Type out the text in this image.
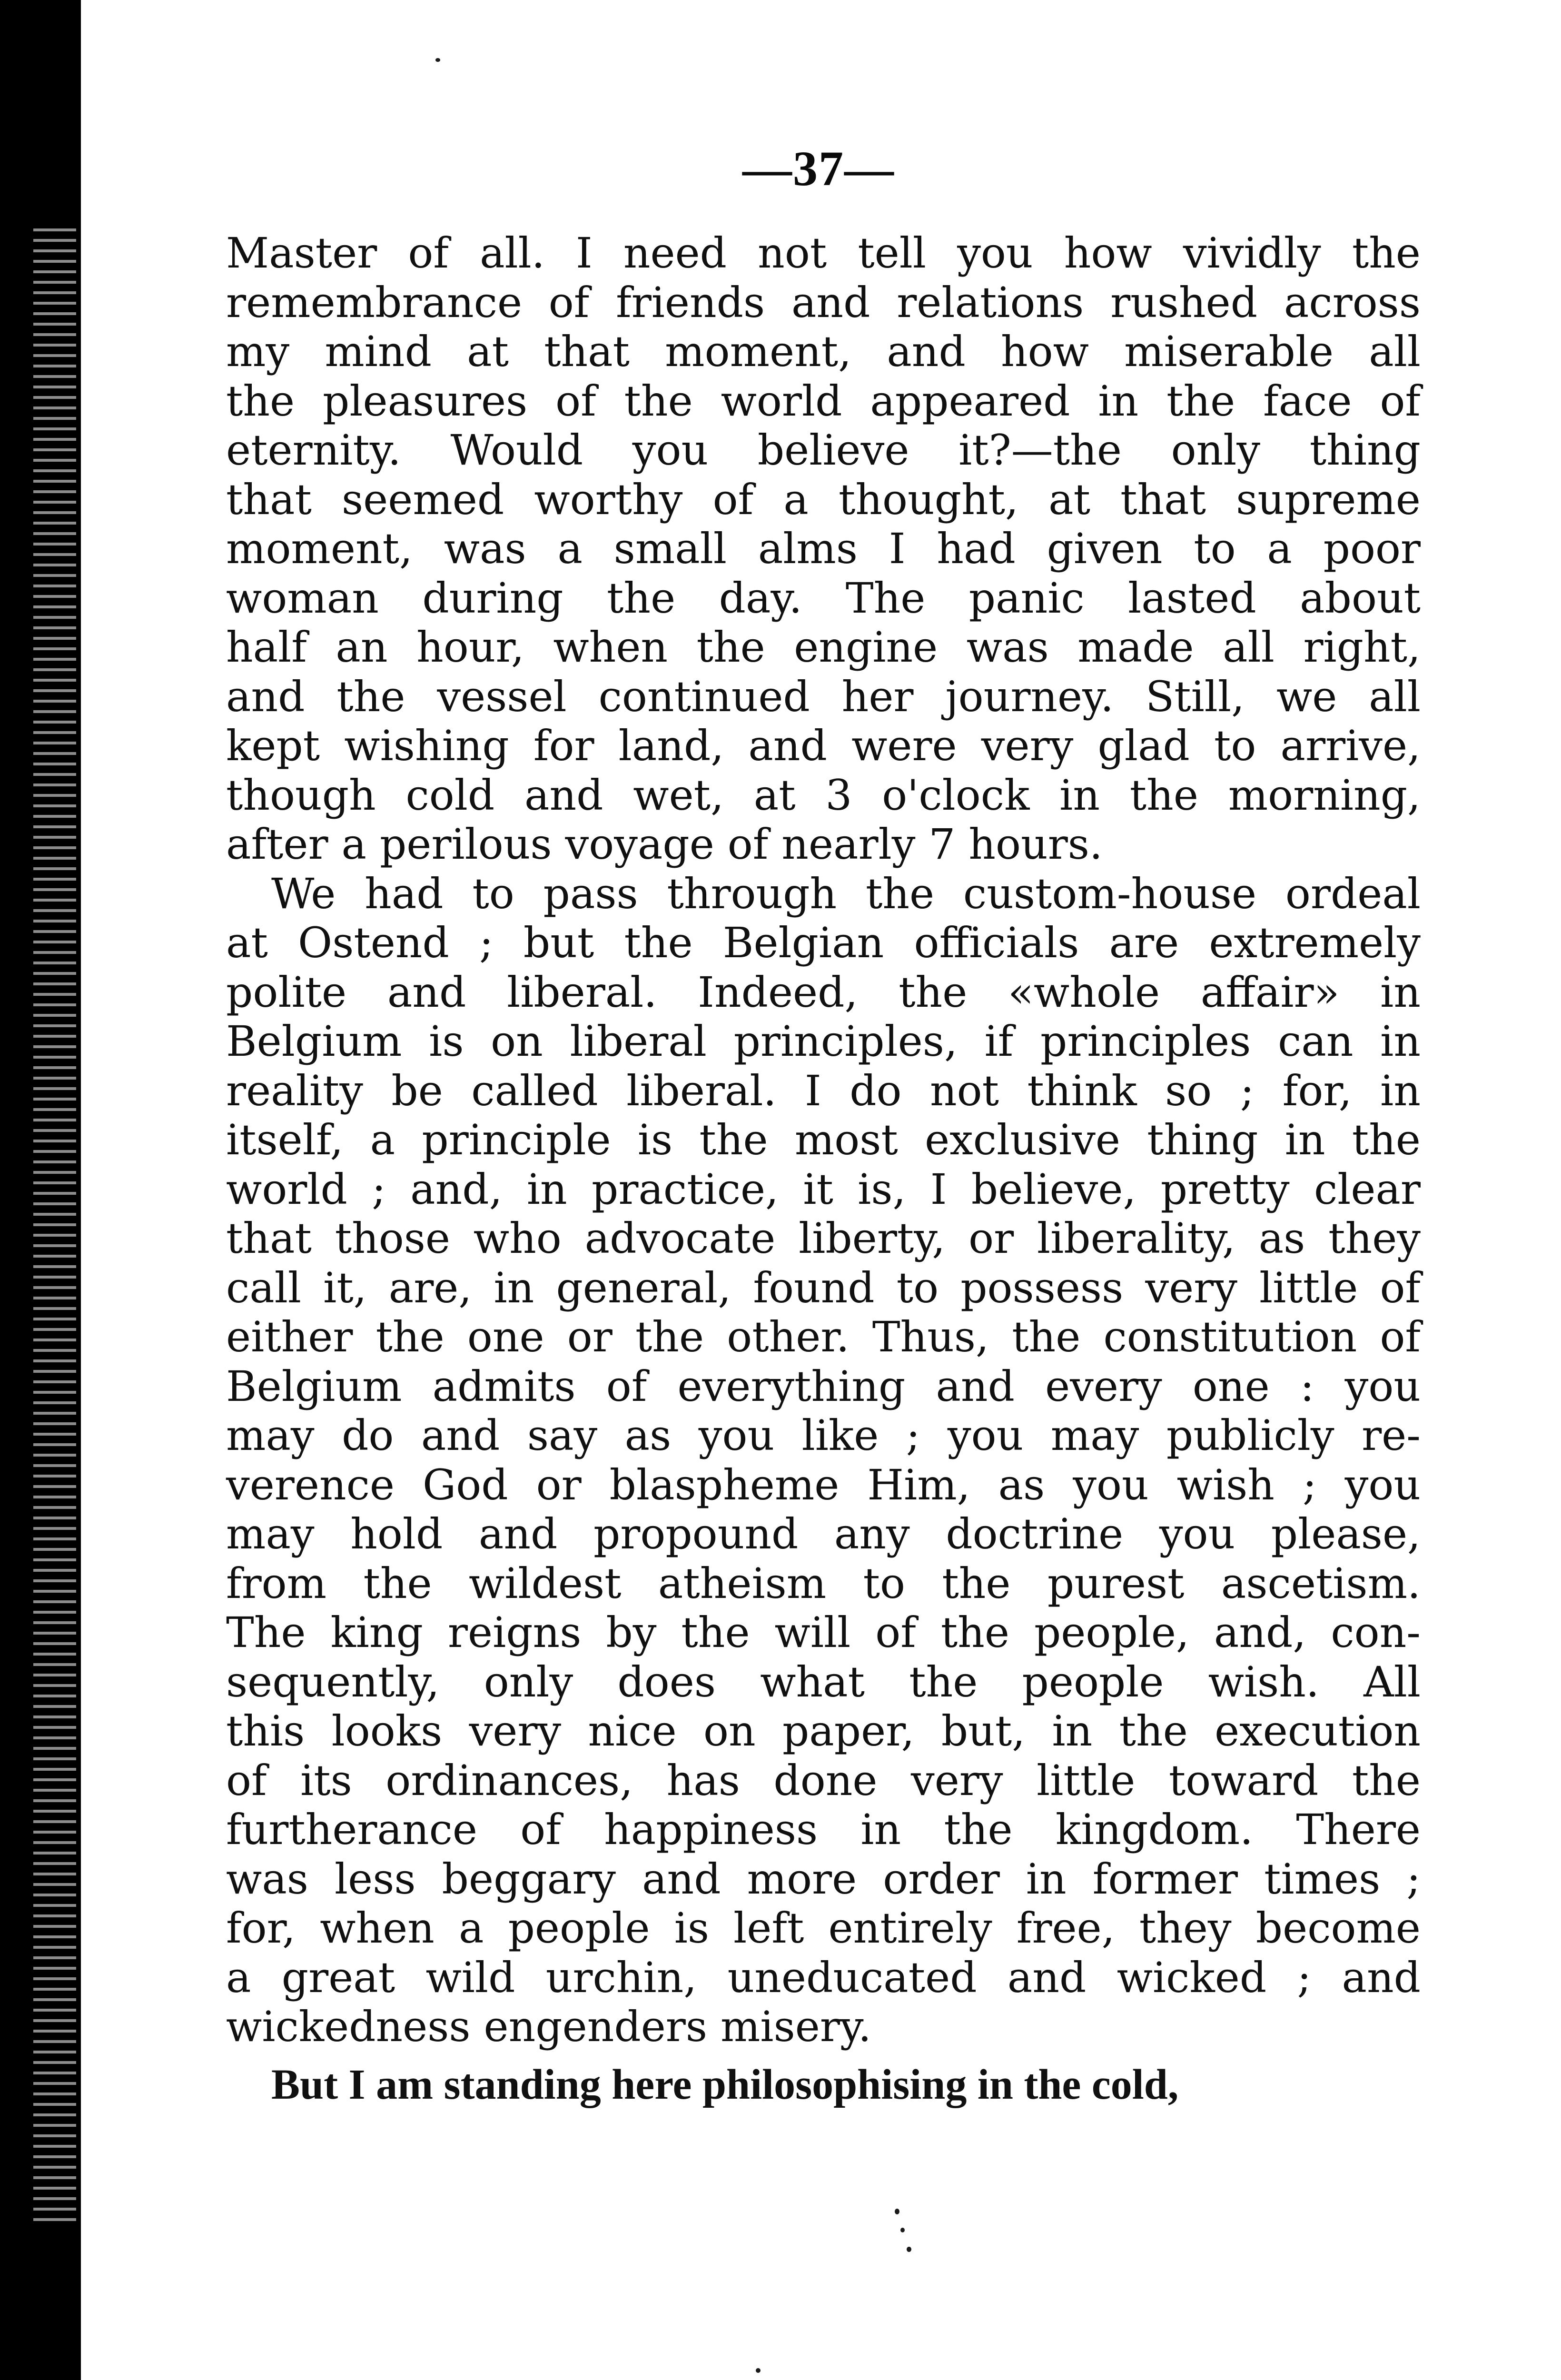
—37—
Master of all. I need not tell you how vividly the
remembrance of friends and relations rushed across
my mind at that moment, and how miserable all
the pleasures of the world appeared in the face of
eternity. Would you believe it?—the only thing
that seemed worthy of a thought, at that supreme
moment, was a small alms I had given to a poor
woman during the day. The panic lasted about
half an hour, when the engine was made all right,
and the vessel continued her journey. Still, we all
kept wishing for land, and were very glad to arrive,
though cold and wet, at 3 o'clock in the morning,
after a perilous voyage of nearly 7 hours.
We had to pass through the custom-house ordeal
at Ostend ; but the Belgian officials are extremely
polite and liberal. Indeed, the «whole affair» in
Belgium is on liberal principles, if principles can in
reality be called liberal. I do not think so ; for, in
itself, a principle is the most exclusive thing in the
world ; and, in practice, it is, I believe, pretty clear
that those who advocate liberty, or liberality, as they
call it, are, in general, found to possess very little of
either the one or the other. Thus, the constitution of
Belgium admits of everything and every one : you
may do and say as you like ; you may publicly re-
verence God or blaspheme Him, as you wish ; you
may hold and propound any doctrine you please,
from the wildest atheism to the purest ascetism.
The king reigns by the will of the people, and, con-
sequently, only does what the people wish. All
this looks very nice on paper, but, in the execution
of its ordinances, has done very little toward the
furtherance of happiness in the kingdom. There
was less beggary and more order in former times ;
for, when a people is left entirely free, they become
a great wild urchin, uneducated and wicked ; and
wickedness engenders misery.
But I am standing here philosophising in the cold,
